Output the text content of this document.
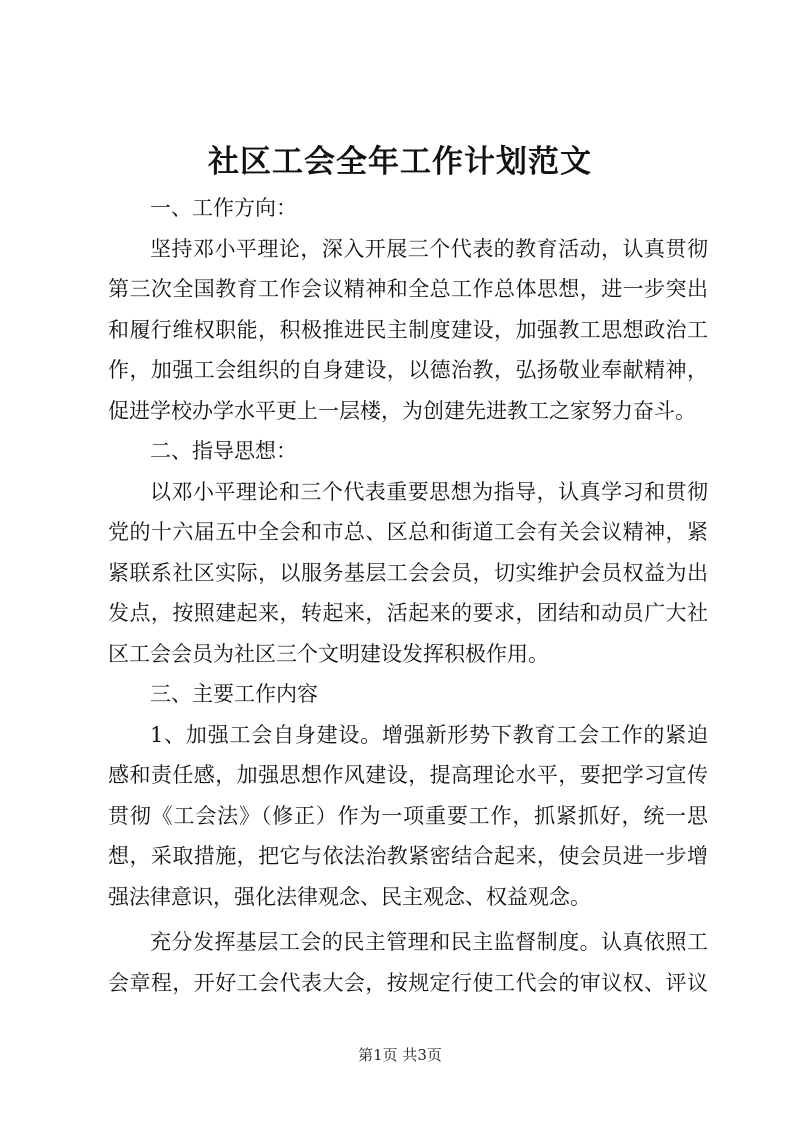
社区工会全年工作计划范文
一、工作方向：
坚持邓小平理论，深入开展三个代表的教育活动，认真贯彻
第三次全国教育工作会议精神和全总工作总体思想，进一步突出
和履行维权职能，积极推进民主制度建设，加强教工思想政治工
作，加强工会组织的自身建设，以德治教，弘扬敬业奉献精神，
促进学校办学水平更上一层楼，为创建先进教工之家努力奋斗。
二、指导思想：
以邓小平理论和三个代表重要思想为指导，认真学习和贯彻
党的十六届五中全会和市总、区总和街道工会有关会议精神，紧
紧联系社区实际，以服务基层工会会员，切实维护会员权益为出
发点，按照建起来，转起来，活起来的要求，团结和动员广大社
区工会会员为社区三个文明建设发挥积极作用。
三、主要工作内容
1、加强工会自身建设。增强新形势下教育工会工作的紧迫
感和责任感，加强思想作风建设，提高理论水平，要把学习宣传
贯彻《工会法》（修正）作为一项重要工作，抓紧抓好，统一思
想，采取措施，把它与依法治教紧密结合起来，使会员进一步增
强法律意识，强化法律观念、民主观念、权益观念。
充分发挥基层工会的民主管理和民主监督制度。认真依照工
会章程，开好工会代表大会，按规定行使工代会的审议权、评议
第1页 共3页
